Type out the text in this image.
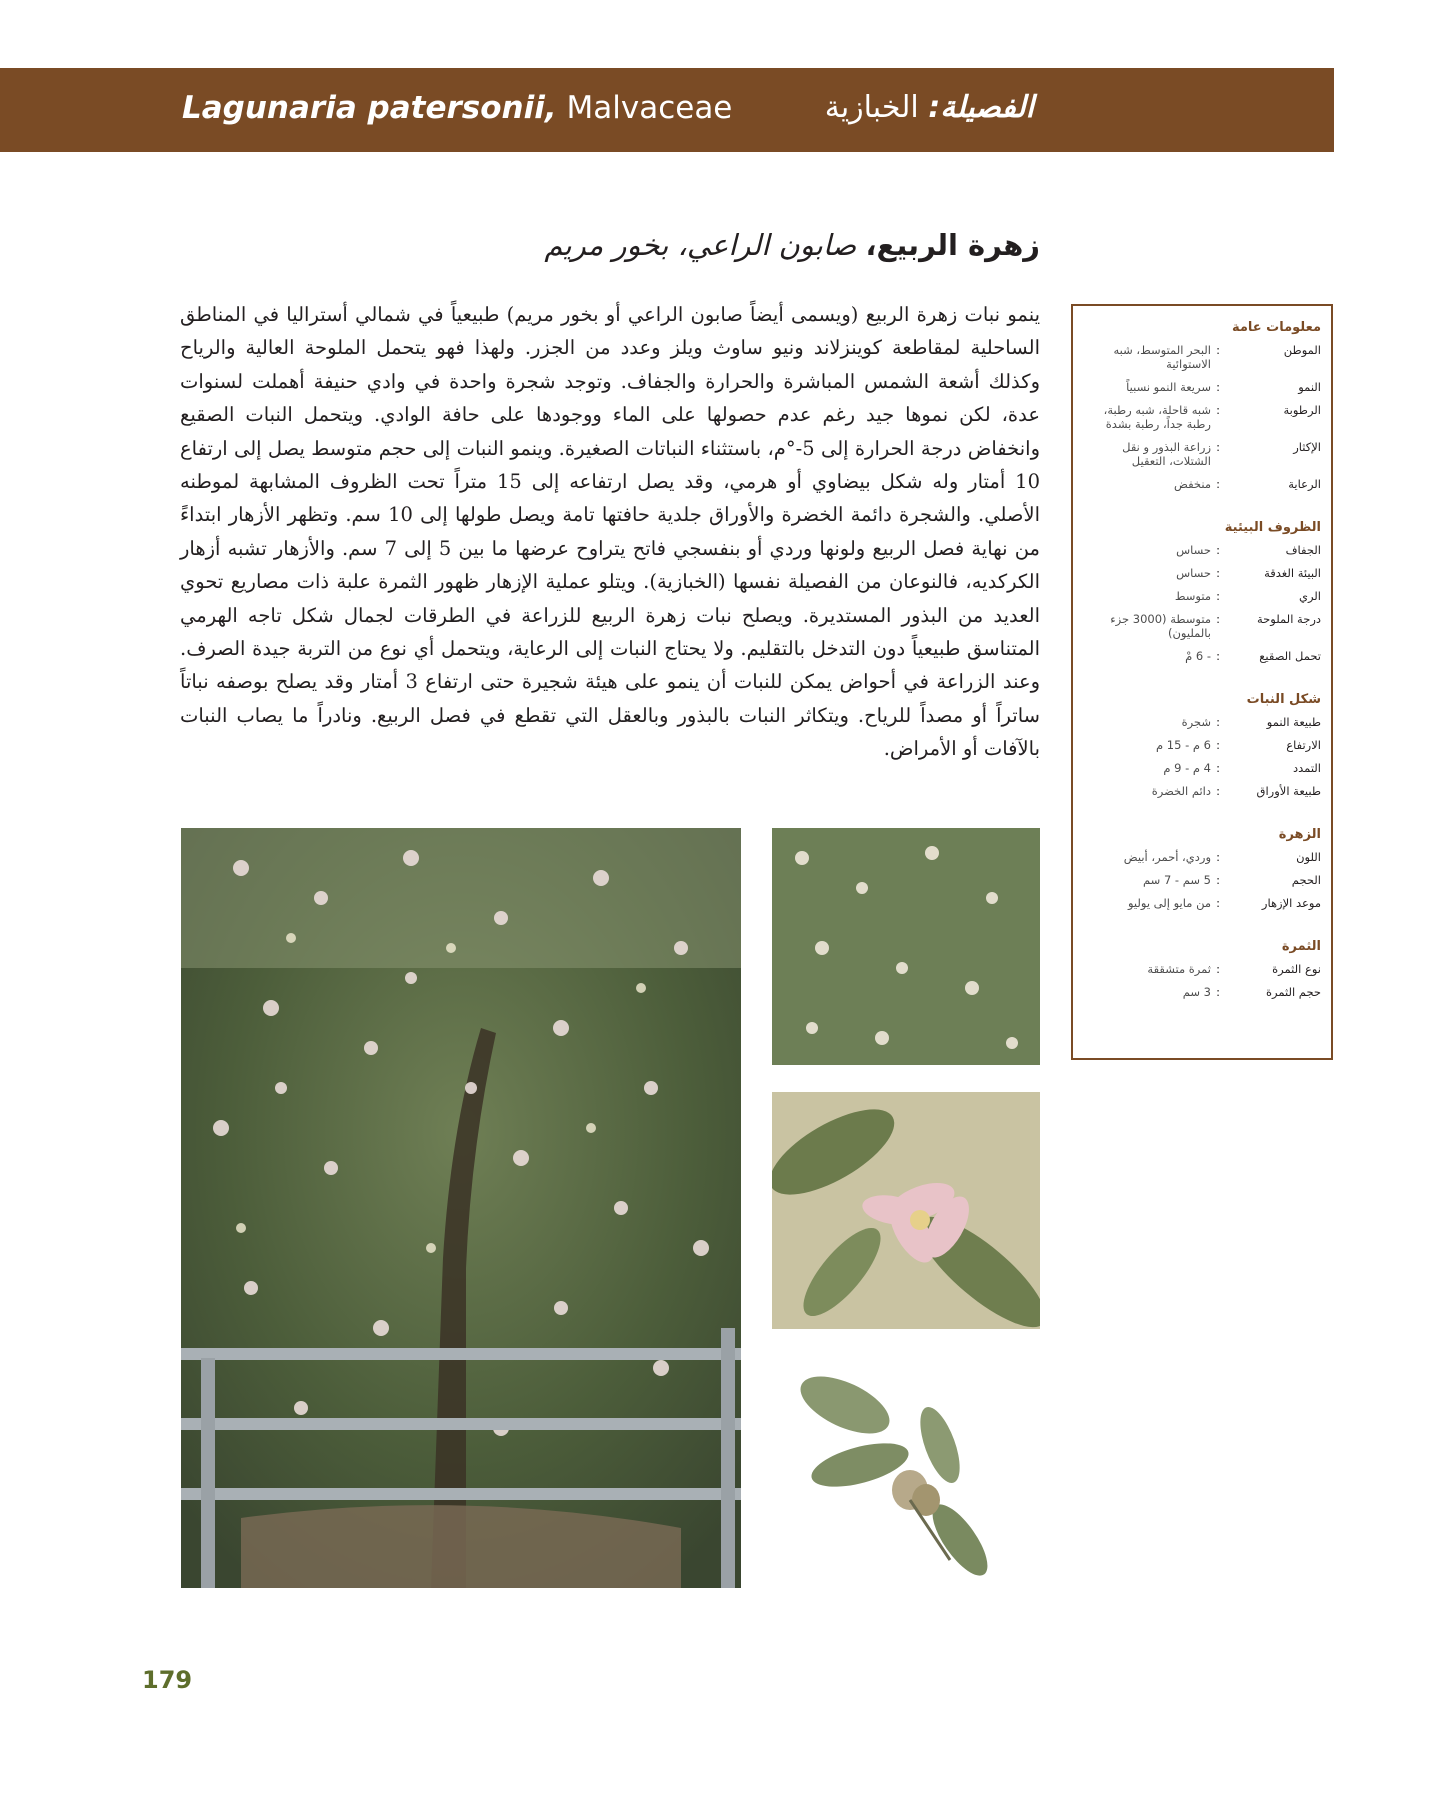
Lagunaria patersonii, Malvaceae	الفصيلة: الخبازية
زهرة الربيع، صابون الراعي، بخور مريم
ينمو نبات زهرة الربيع (ويسمى أيضاً صابون الراعي أو بخور مريم) طبيعياً في شمالي أستراليا في المناطق الساحلية لمقاطعة كوينزلاند ونيو ساوث ويلز وعدد من الجزر. ولهذا فهو يتحمل الملوحة العالية والرياح وكذلك أشعة الشمس المباشرة والحرارة والجفاف. وتوجد شجرة واحدة في وادي حنيفة أهملت لسنوات عدة، لكن نموها جيد رغم عدم حصولها على الماء ووجودها على حافة الوادي. ويتحمل النبات الصقيع وانخفاض درجة الحرارة إلى 5-°م، باستثناء النباتات الصغيرة. وينمو النبات إلى حجم متوسط يصل إلى ارتفاع 10 أمتار وله شكل بيضاوي أو هرمي، وقد يصل ارتفاعه إلى 15 متراً تحت الظروف المشابهة لموطنه الأصلي. والشجرة دائمة الخضرة والأوراق جلدية حافتها تامة ويصل طولها إلى 10 سم. وتظهر الأزهار ابتداءً من نهاية فصل الربيع ولونها وردي أو بنفسجي فاتح يتراوح عرضها ما بين 5 إلى 7 سم. والأزهار تشبه أزهار الكركديه، فالنوعان من الفصيلة نفسها (الخبازية). ويتلو عملية الإزهار ظهور الثمرة علبة ذات مصاريع تحوي العديد من البذور المستديرة. ويصلح نبات زهرة الربيع للزراعة في الطرقات لجمال شكل تاجه الهرمي المتناسق طبيعياً دون التدخل بالتقليم. ولا يحتاج النبات إلى الرعاية، ويتحمل أي نوع من التربة جيدة الصرف. وعند الزراعة في أحواض يمكن للنبات أن ينمو على هيئة شجيرة حتى ارتفاع 3 أمتار وقد يصلح بوصفه نباتاً ساتراً أو مصداً للرياح. ويتكاثر النبات بالبذور وبالعقل التي تقطع في فصل الربيع. ونادراً ما يصاب النبات بالآفات أو الأمراض.
معلومات عامة
الموطن
:
البحر المتوسط، شبه الاستوائية
النمو
:
سريعة النمو نسبياً
الرطوبة
:
شبه قاحلة، شبه رطبة، رطبة جداً، رطبة بشدة
الإكثار
:
زراعة البذور و نقل الشتلات، التعقيل
الرعاية
:
منخفض
الظروف البيئية
الجفاف
:
حساس
البيئة الغدقة
:
حساس
الري
:
متوسط
درجة الملوحة
:
متوسطة (3000 جزء بالمليون)
تحمل الصقيع
:
- 6 مْ
شكل النبات
طبيعة النمو
:
شجرة
الارتفاع
:
6 م - 15 م
التمدد
:
4 م - 9 م
طبيعة الأوراق
:
دائم الخضرة
الزهرة
اللون
:
وردي، أحمر، أبيض
الحجم
:
5 سم - 7 سم
موعد الإزهار
:
من مايو إلى يوليو
الثمرة
نوع الثمرة
:
ثمرة متشققة
حجم الثمرة
:
3 سم
179
